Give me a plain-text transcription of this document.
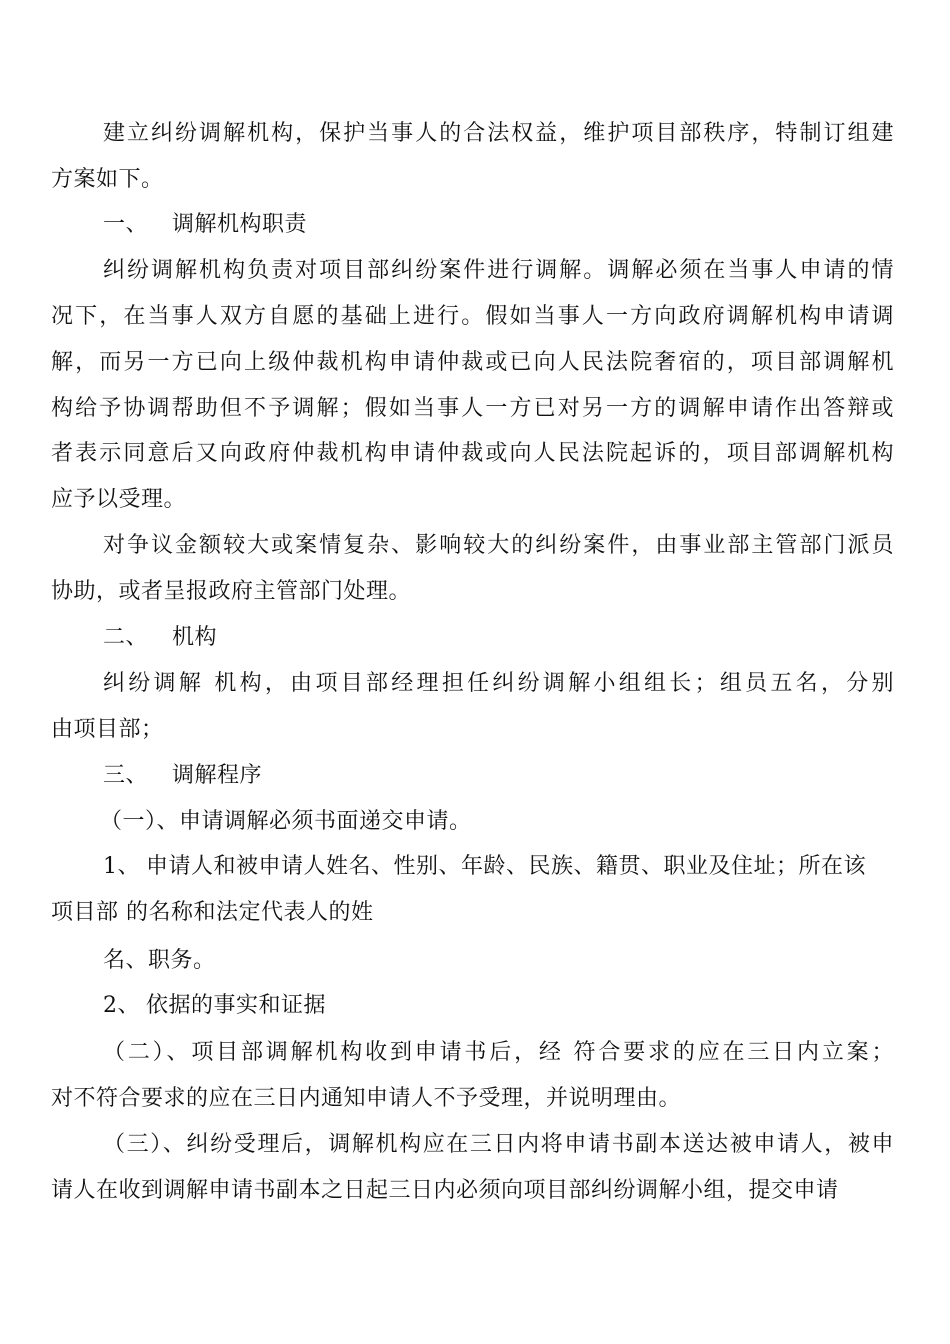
建立纠纷调解机构，保护当事人的合法权益，维护项目部秩序，特制订组建
方案如下。
一、 调解机构职责
纠纷调解机构负责对项目部纠纷案件进行调解。调解必须在当事人申请的情
况下，在当事人双方自愿的基础上进行。假如当事人一方向政府调解机构申请调
解，而另一方已向上级仲裁机构申请仲裁或已向人民法院奢宿的，项目部调解机
构给予协调帮助但不予调解；假如当事人一方已对另一方的调解申请作出答辩或
者表示同意后又向政府仲裁机构申请仲裁或向人民法院起诉的，项目部调解机构
应予以受理。
对争议金额较大或案情复杂、影响较大的纠纷案件，由事业部主管部门派员
协助，或者呈报政府主管部门处理。
二、 机构
纠纷调解 机构，由项目部经理担任纠纷调解小组组长；组员五名，分别
由项目部；
三、 调解程序
（一）、申请调解必须书面递交申请。
1、 申请人和被申请人姓名、性别、年龄、民族、籍贯、职业及住址；所在该
项目部 的名称和法定代表人的姓
名、职务。
2、 依据的事实和证据
（二）、项目部调解机构收到申请书后，经 符合要求的应在三日内立案；
对不符合要求的应在三日内通知申请人不予受理，并说明理由。
（三）、纠纷受理后，调解机构应在三日内将申请书副本送达被申请人，被申
请人在收到调解申请书副本之日起三日内必须向项目部纠纷调解小组，提交申请
